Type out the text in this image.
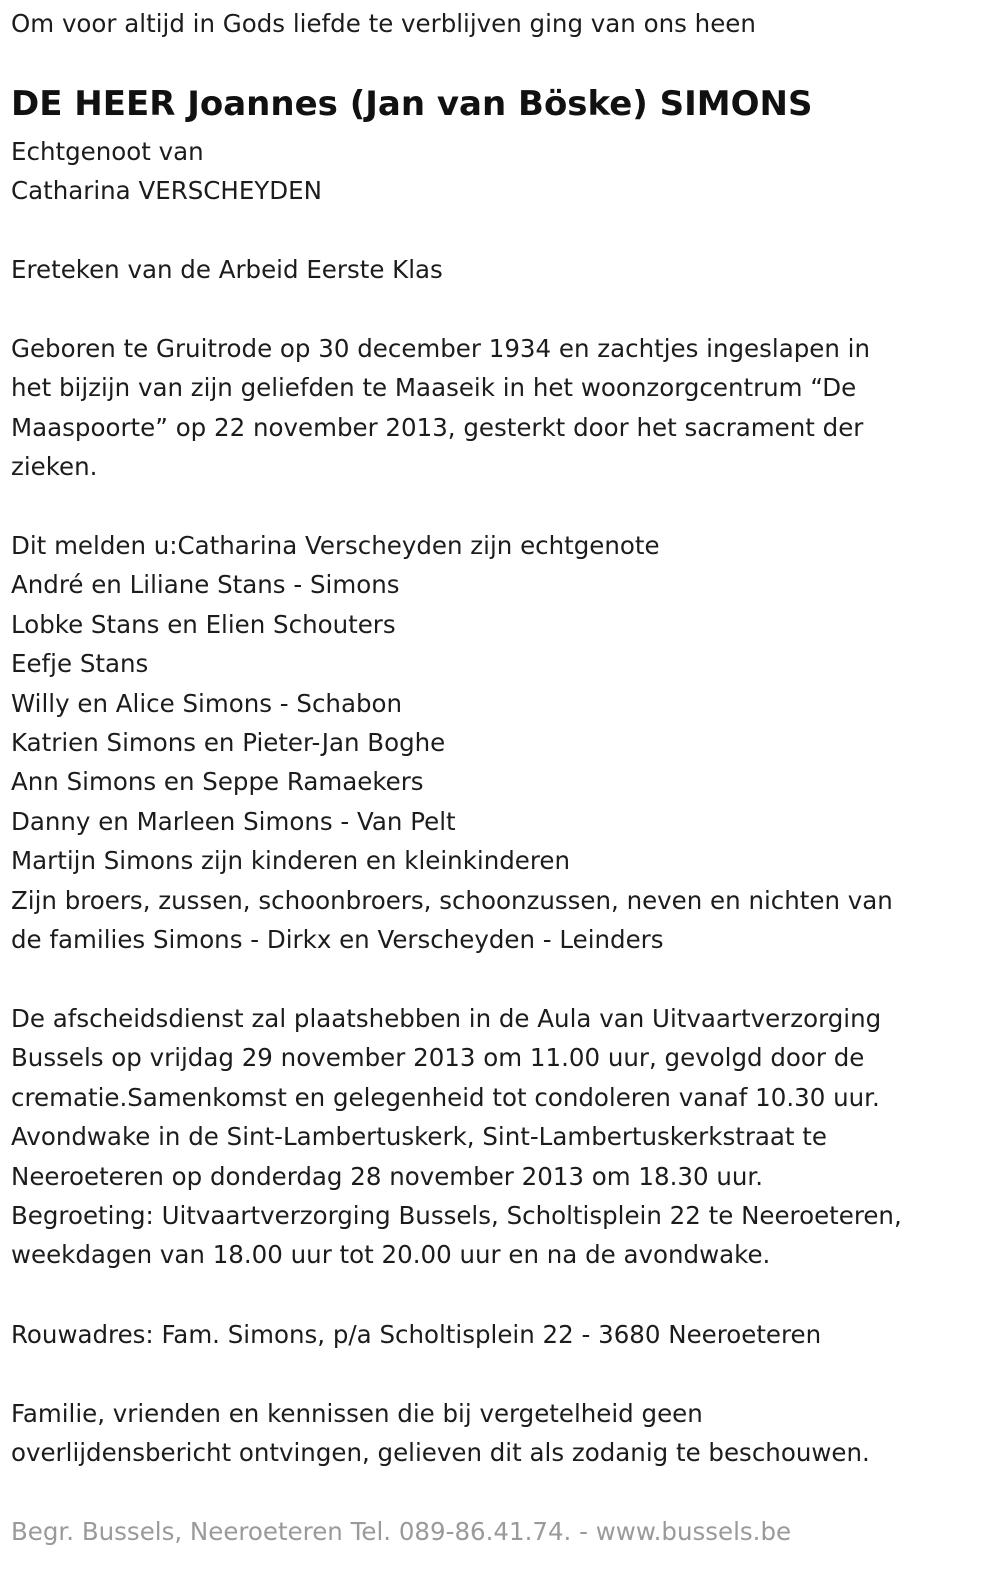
Om voor altijd in Gods liefde te verblijven ging van ons heen
DE HEER Joannes (Jan van Böske) SIMONS
Echtgenoot van
Catharina VERSCHEYDEN
Ereteken van de Arbeid Eerste Klas
Geboren te Gruitrode op 30 december 1934 en zachtjes ingeslapen in
het bijzijn van zijn geliefden te Maaseik in het woonzorgcentrum “De
Maaspoorte” op 22 november 2013, gesterkt door het sacrament der
zieken.
Dit melden u:Catharina Verscheyden zijn echtgenote
André en Liliane Stans - Simons
Lobke Stans en Elien Schouters
Eefje Stans
Willy en Alice Simons - Schabon
Katrien Simons en Pieter-Jan Boghe
Ann Simons en Seppe Ramaekers
Danny en Marleen Simons - Van Pelt
Martijn Simons zijn kinderen en kleinkinderen
Zijn broers, zussen, schoonbroers, schoonzussen, neven en nichten van
de families Simons - Dirkx en Verscheyden - Leinders
De afscheidsdienst zal plaatshebben in de Aula van Uitvaartverzorging
Bussels op vrijdag 29 november 2013 om 11.00 uur, gevolgd door de
crematie.Samenkomst en gelegenheid tot condoleren vanaf 10.30 uur.
Avondwake in de Sint-Lambertuskerk, Sint-Lambertuskerkstraat te
Neeroeteren op donderdag 28 november 2013 om 18.30 uur.
Begroeting: Uitvaartverzorging Bussels, Scholtisplein 22 te Neeroeteren,
weekdagen van 18.00 uur tot 20.00 uur en na de avondwake.
Rouwadres: Fam. Simons, p/a Scholtisplein 22 - 3680 Neeroeteren
Familie, vrienden en kennissen die bij vergetelheid geen
overlijdensbericht ontvingen, gelieven dit als zodanig te beschouwen.
Begr. Bussels, Neeroeteren Tel. 089-86.41.74. - www.bussels.be
